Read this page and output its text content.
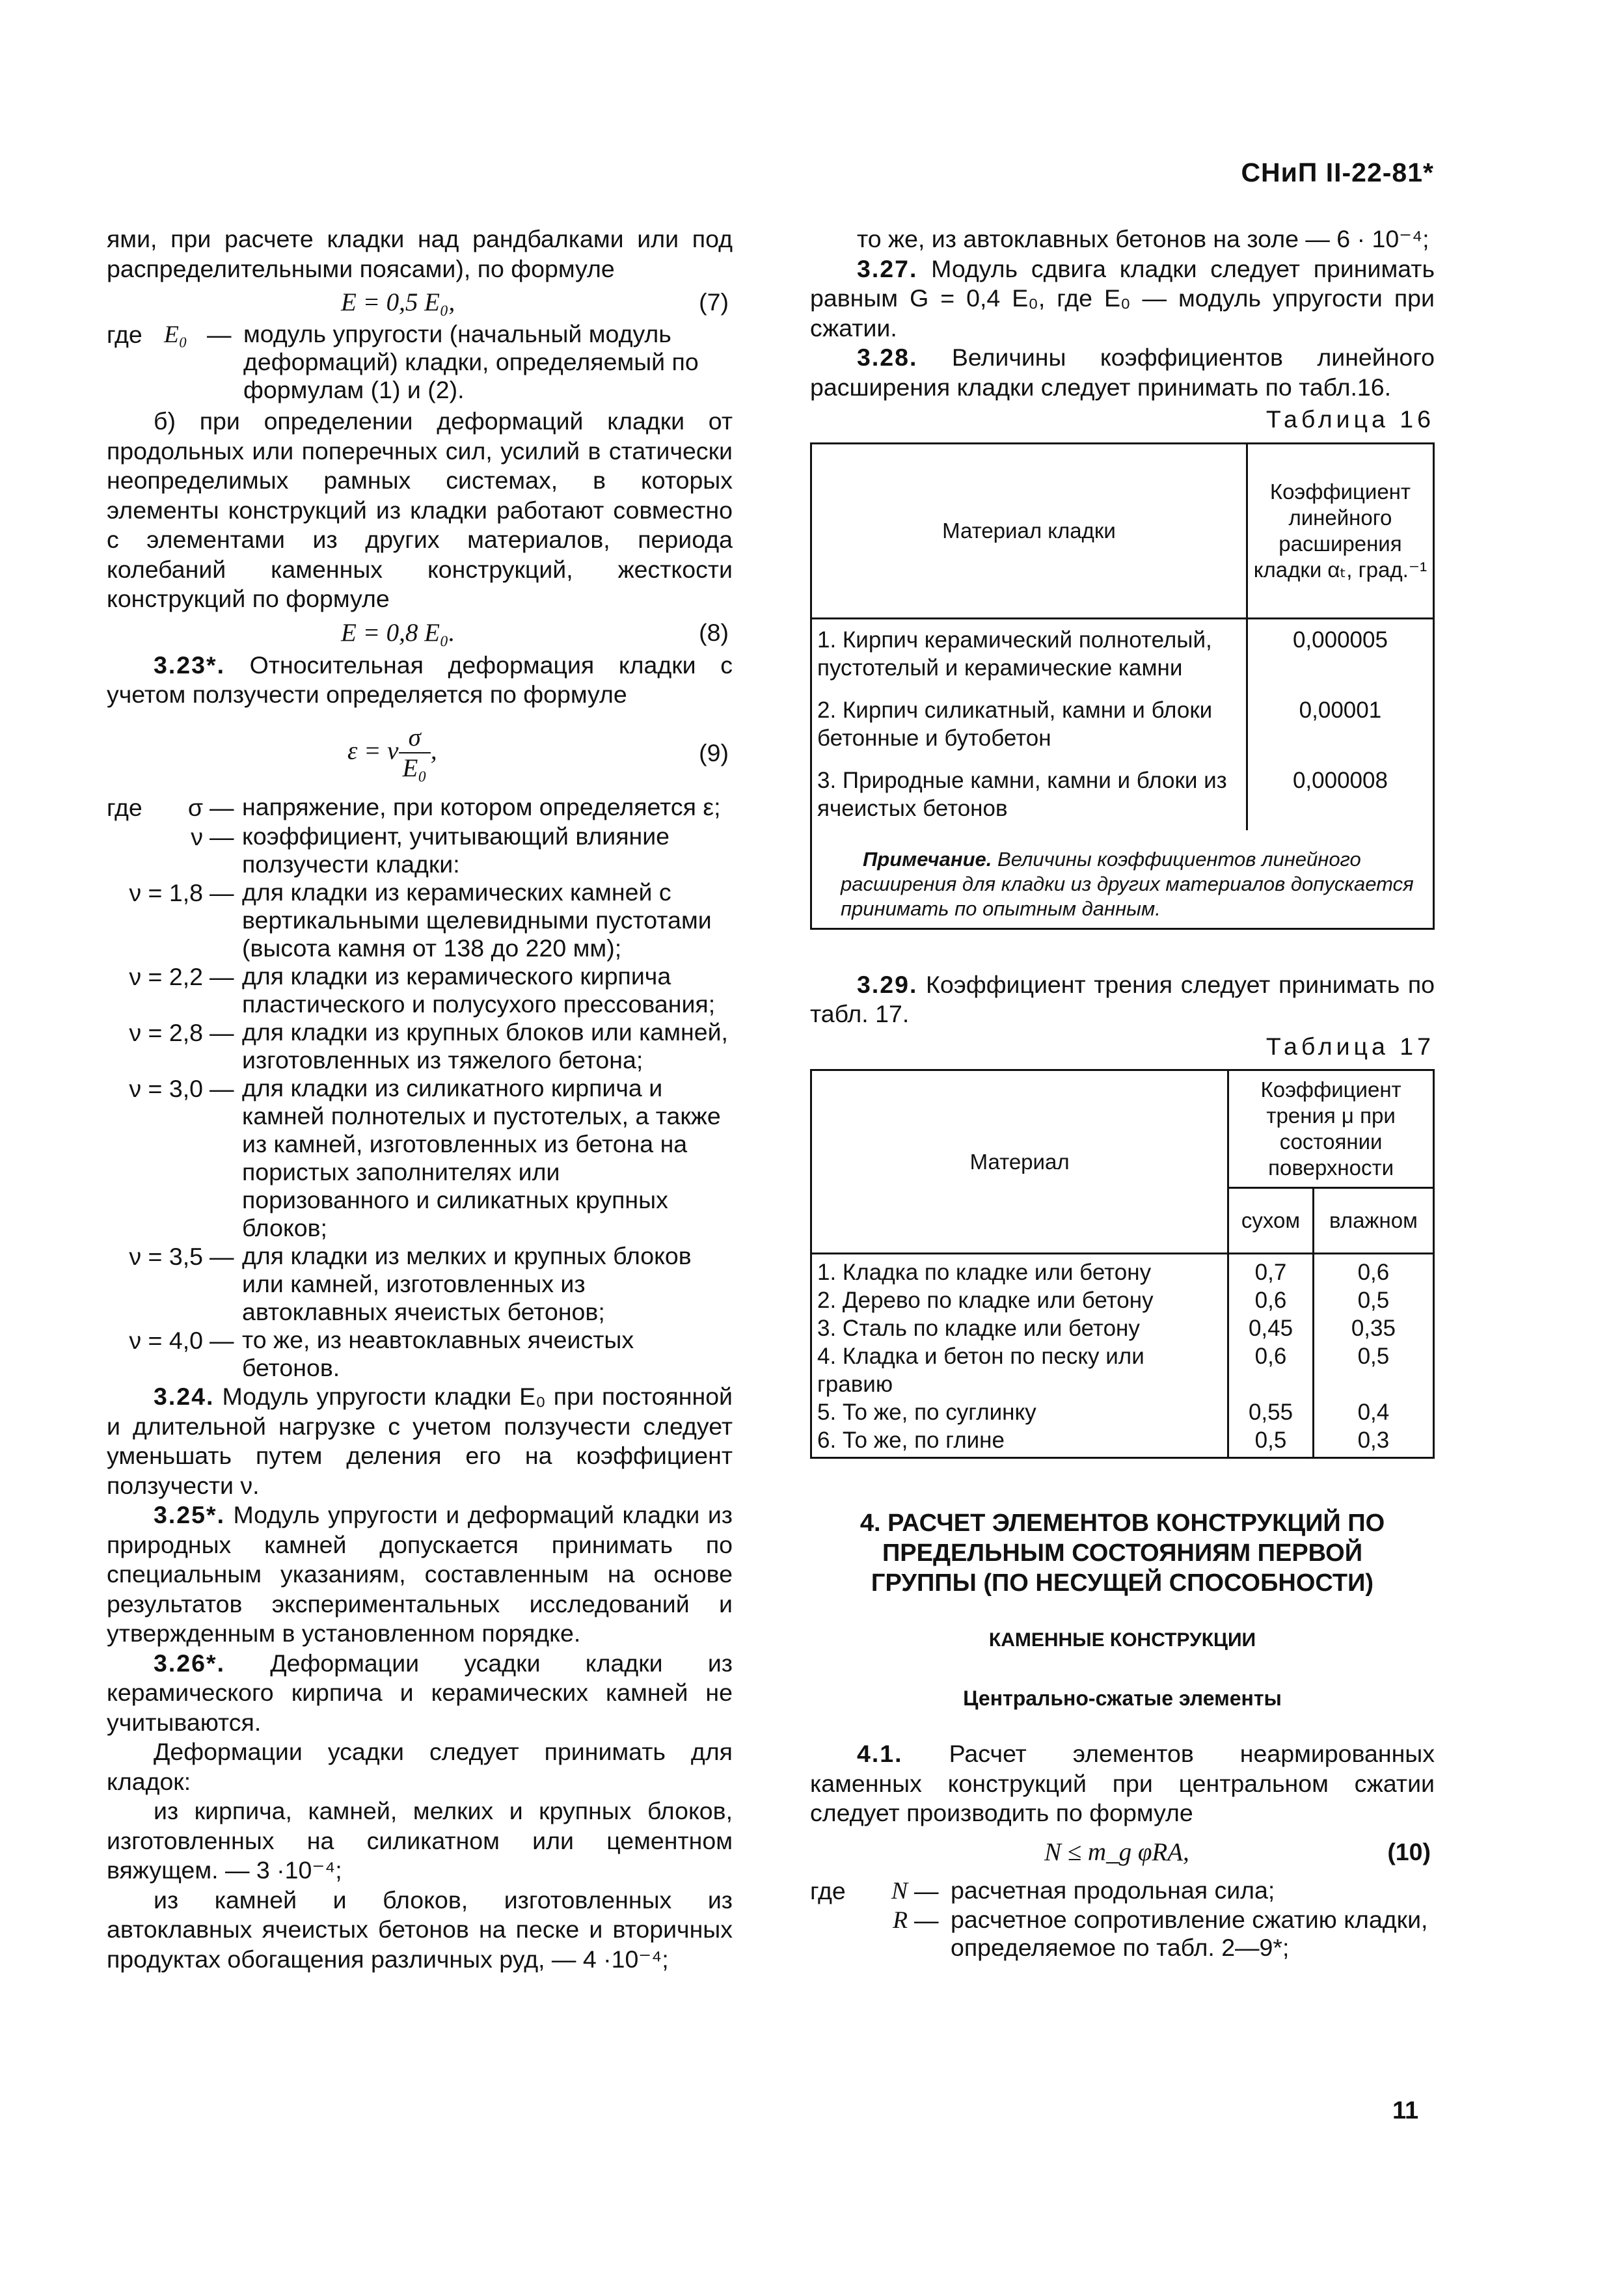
СНиП II-22-81*

ями, при расчете кладки над рандбалками или под распределительными поясами), по формуле

E = 0,5 E₀,	(7)
где E₀ — модуль упругости (начальный модуль деформаций) кладки, определяемый по формулам (1) и (2).

б) при определении деформаций кладки от продольных или поперечных сил, усилий в статически неопределимых рамных системах, в которых элементы конструкций из кладки работают совместно с элементами из других материалов, периода колебаний каменных конструкций, жесткости конструкций по формуле

E = 0,8 E₀.	(8)

3.23*. Относительная деформация кладки с учетом ползучести определяется по формуле

ε = ν $\frac{\sigma}{\text{E₀}}$ ,	(9)
где	σ — напряжение, при котором определяется ε;
ν — коэффициент, учитывающий влияние ползучести кладки:
ν = 1,8 — для кладки из керамических камней с вертикальными щелевидными пустотами (высота камня от 138 до 220 мм);
ν = 2,2 — для кладки из керамического кирпича пластического и полусухого прессования;
ν = 2,8 — для кладки из крупных блоков или камней, изготовленных из тяжелого бетона;
ν = 3,0 — для кладки из силикатного кирпича и камней полнотелых и пустотелых, а также из камней, изготовленных из бетона на пористых заполнителях или поризованного и силикатных крупных блоков;
ν = 3,5 — для кладки из мелких и крупных блоков или камней, изготовленных из автоклавных ячеистых бетонов;
ν = 4,0 — то же, из неавтоклавных ячеистых бетонов.

3.24. Модуль упругости кладки E₀ при постоянной и длительной нагрузке с учетом ползучести следует уменьшать путем деления его на коэффициент ползучести ν.

3.25*. Модуль упругости и деформаций кладки из природных камней допускается принимать по специальным указаниям, составленным на основе результатов экспериментальных исследований и утвержденным в установленном порядке.

3.26*. Деформации усадки кладки из керамического кирпича и керамических камней не учитываются.

Деформации усадки следует принимать для кладок:

из кирпича, камней, мелких и крупных блоков, изготовленных на силикатном или цементном вяжущем. — 3 ·10⁻⁴;

из камней и блоков, изготовленных из автоклавных ячеистых бетонов на песке и вторичных продуктах обогащения различных руд, — 4 ·10⁻⁴;

то же, из автоклавных бетонов на золе — 6 · 10⁻⁴;

3.27. Модуль сдвига кладки следует принимать равным G = 0,4 E₀, где E₀ — модуль упругости при сжатии.

3.28. Величины коэффициентов линейного расширения кладки следует принимать по табл.16.

Таблица 16
Материал кладки	Коэффициент линейного расширения кладки αₜ, град.⁻¹
1. Кирпич керамический полнотелый, пустотелый и керамические камни	0,000005
2. Кирпич силикатный, камни и блоки бетонные и бутобетон	0,00001
3. Природные камни, камни и блоки из ячеистых бетонов	0,000008
Примечание. Величины коэффициентов линейного расширения для кладки из других материалов допускается принимать по опытным данным.	

3.29. Коэффициент трения следует принимать по табл. 17.

Таблица 17
Материал	Коэффициент трения μ при состоянии поверхности	
	сухом	влажном
1. Кладка по кладке или бетону	0,7	0,6
2. Дерево по кладке или бетону	0,6	0,5
3. Сталь по кладке или бетону	0,45	0,35
4. Кладка и бетон по песку или гравию	0,6	0,5
5. То же, по суглинку	0,55	0,4
6. То же, по глине	0,5	0,3
4. РАСЧЕТ ЭЛЕМЕНТОВ КОНСТРУКЦИЙ ПО ПРЕДЕЛЬНЫМ СОСТОЯНИЯМ ПЕРВОЙ ГРУППЫ (ПО НЕСУЩЕЙ СПОСОБНОСТИ)
КАМЕННЫЕ КОНСТРУКЦИИ
Центрально-сжатые элементы

4.1. Расчет элементов неармированных каменных конструкций при центральном сжатии следует производить по формуле

N ≤ m_g φRA,	(10)
где	N — расчетная продольная сила;
R — расчетное сопротивление сжатию кладки, определяемое по табл. 2—9*;
11
